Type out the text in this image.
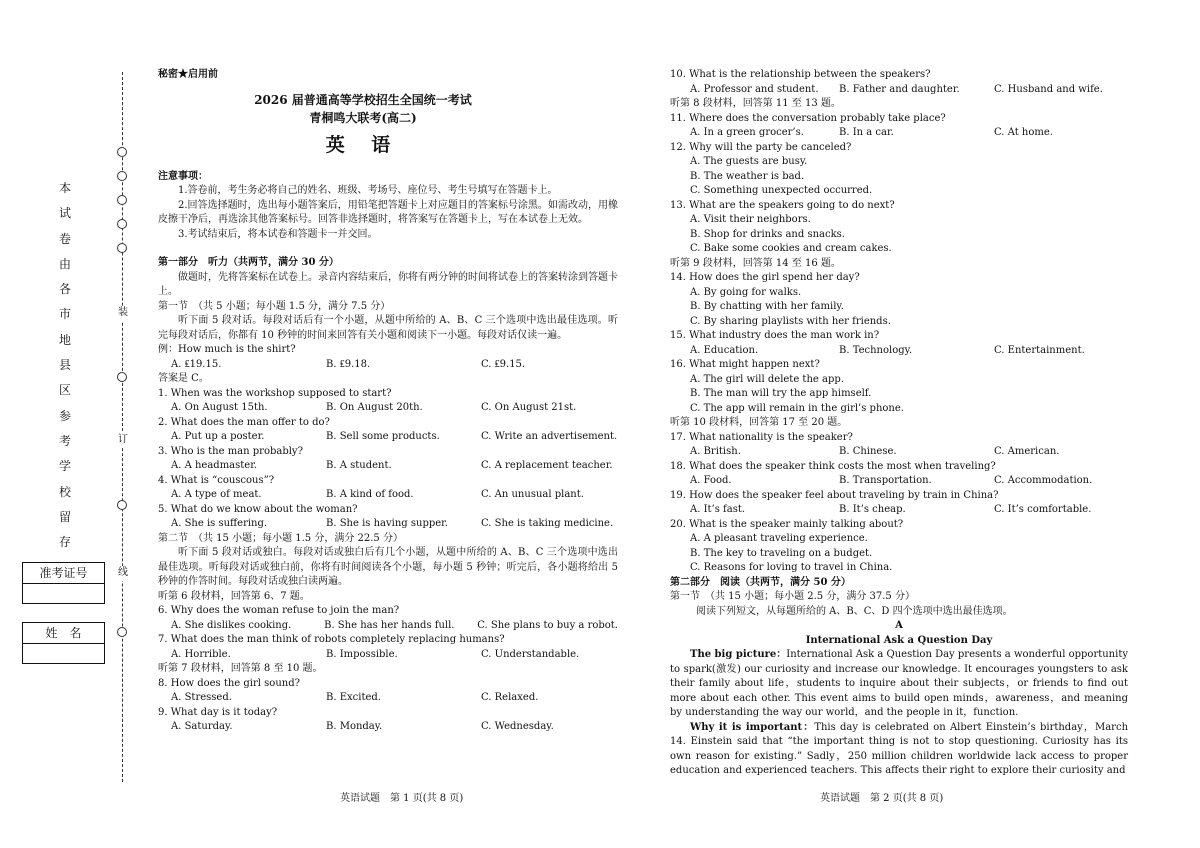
装
订
线
本
试
卷
由
各
市
地
县
区
参
考
学
校
留
存
准考证号
姓　名
秘密★启用前
2026 届普通高等学校招生全国统一考试
青桐鸣大联考(高二)
英 语
注意事项：
1.答卷前，考生务必将自己的姓名、班级、考场号、座位号、考生号填写在答题卡上。
2.回答选择题时，选出每小题答案后，用铅笔把答题卡上对应题目的答案标号涂黑。如需改动，用橡皮擦干净后，再选涂其他答案标号。回答非选择题时，将答案写在答题卡上，写在本试卷上无效。
3.考试结束后，将本试卷和答题卡一并交回。
第一部分　听力（共两节，满分 30 分）
做题时，先将答案标在试卷上。录音内容结束后，你将有两分钟的时间将试卷上的答案转涂到答题卡上。
第一节　（共 5 小题；每小题 1.5 分，满分 7.5 分）
听下面 5 段对话。每段对话后有一个小题，从题中所给的 A、B、C 三个选项中选出最佳选项。听完每段对话后，你都有 10 秒钟的时间来回答有关小题和阅读下一小题。每段对话仅读一遍。
例：How much is the shirt?
A. ₤19.15.	B. ₤9.18.	C. ₤9.15.
答案是 C。
1. When was the workshop supposed to start?
A. On August 15th.	B. On August 20th.	C. On August 21st.
2. What does the man offer to do?
A. Put up a poster.	B. Sell some products.	C. Write an advertisement.
3. Who is the man probably?
A. A headmaster.	B. A student.	C. A replacement teacher.
4. What is “couscous”?
A. A type of meat.	B. A kind of food.	C. An unusual plant.
5. What do we know about the woman?
A. She is suffering.	B. She is having supper.	C. She is taking medicine.
第二节　（共 15 小题；每小题 1.5 分，满分 22.5 分）
听下面 5 段对话或独白。每段对话或独白后有几个小题，从题中所给的 A、B、C 三个选项中选出最佳选项。听每段对话或独白前，你将有时间阅读各个小题，每小题 5 秒钟；听完后，各小题将给出 5 秒钟的作答时间。每段对话或独白读两遍。
听第 6 段材料，回答第 6、7 题。
6. Why does the woman refuse to join the man?
A. She dislikes cooking.	B. She has her hands full.	C. She plans to buy a robot.
7. What does the man think of robots completely replacing humans?
A. Horrible.	B. Impossible.	C. Understandable.
听第 7 段材料，回答第 8 至 10 题。
8. How does the girl sound?
A. Stressed.	B. Excited.	C. Relaxed.
9. What day is it today?
A. Saturday.	B. Monday.	C. Wednesday.
英语试题　第 1 页(共 8 页)
10. What is the relationship between the speakers?
A. Professor and student.	B. Father and daughter.	C. Husband and wife.
听第 8 段材料，回答第 11 至 13 题。
11. Where does the conversation probably take place?
A. In a green grocer’s.	B. In a car.	C. At home.
12. Why will the party be canceled?
A. The guests are busy.
B. The weather is bad.
C. Something unexpected occurred.
13. What are the speakers going to do next?
A. Visit their neighbors.
B. Shop for drinks and snacks.
C. Bake some cookies and cream cakes.
听第 9 段材料，回答第 14 至 16 题。
14. How does the girl spend her day?
A. By going for walks.
B. By chatting with her family.
C. By sharing playlists with her friends.
15. What industry does the man work in?
A. Education.	B. Technology.	C. Entertainment.
16. What might happen next?
A. The girl will delete the app.
B. The man will try the app himself.
C. The app will remain in the girl’s phone.
听第 10 段材料，回答第 17 至 20 题。
17. What nationality is the speaker?
A. British.	B. Chinese.	C. American.
18. What does the speaker think costs the most when traveling?
A. Food.	B. Transportation.	C. Accommodation.
19. How does the speaker feel about traveling by train in China?
A. It’s fast.	B. It’s cheap.	C. It’s comfortable.
20. What is the speaker mainly talking about?
A. A pleasant traveling experience.
B. The key to traveling on a budget.
C. Reasons for loving to travel in China.
第二部分　阅读（共两节，满分 50 分）
第一节　（共 15 小题；每小题 2.5 分，满分 37.5 分）
阅读下列短文，从每题所给的 A、B、C、D 四个选项中选出最佳选项。
A
International Ask a Question Day
The big picture：International Ask a Question Day presents a wonderful opportunity to spark(激发) our curiosity and increase our knowledge. It encourages youngsters to ask their family about life，students to inquire about their subjects，or friends to find out more about each other. This event aims to build open minds，awareness，and meaning by understanding the way our world，and the people in it，function.
Why it is important：This day is celebrated on Albert Einstein’s birthday，March 14. Einstein said that “the important thing is not to stop questioning. Curiosity has its own reason for existing.” Sadly，250 million children worldwide lack access to proper education and experienced teachers. This affects their right to explore their curiosity and
英语试题　第 2 页(共 8 页)
